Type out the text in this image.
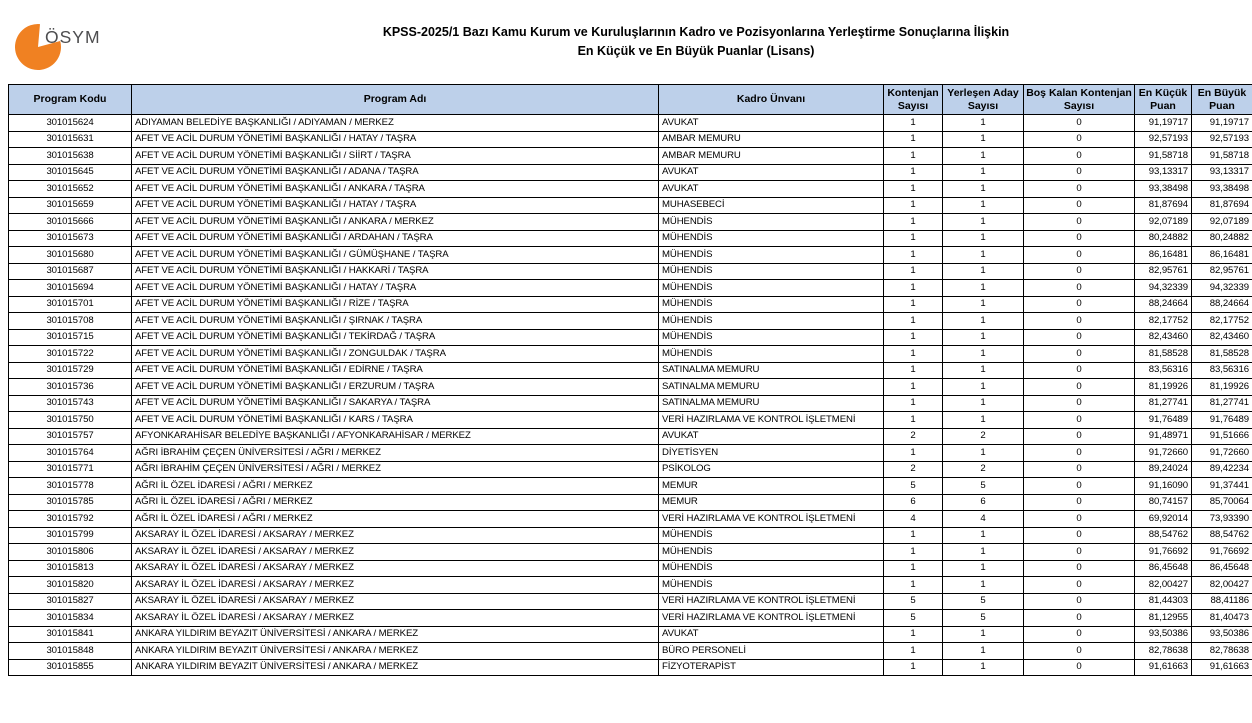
ÖSYM	KPSS-2025/1 Bazı Kamu Kurum ve Kuruluşlarının Kadro ve Pozisyonlarına Yerleştirme Sonuçlarına İlişkin
En Küçük ve En Büyük Puanlar (Lisans)
Program Kodu	Program Adı	Kadro Ünvanı	Kontenjan Sayısı	Yerleşen Aday Sayısı	Boş Kalan Kontenjan Sayısı	En Küçük Puan	En Büyük Puan
301015624	ADIYAMAN BELEDİYE BAŞKANLIĞI / ADIYAMAN / MERKEZ	AVUKAT	1	1	0	91,19717	91,19717
301015631	AFET VE ACİL DURUM YÖNETİMİ BAŞKANLIĞI / HATAY / TAŞRA	AMBAR MEMURU	1	1	0	92,57193	92,57193
301015638	AFET VE ACİL DURUM YÖNETİMİ BAŞKANLIĞI / SİİRT / TAŞRA	AMBAR MEMURU	1	1	0	91,58718	91,58718
301015645	AFET VE ACİL DURUM YÖNETİMİ BAŞKANLIĞI / ADANA / TAŞRA	AVUKAT	1	1	0	93,13317	93,13317
301015652	AFET VE ACİL DURUM YÖNETİMİ BAŞKANLIĞI / ANKARA / TAŞRA	AVUKAT	1	1	0	93,38498	93,38498
301015659	AFET VE ACİL DURUM YÖNETİMİ BAŞKANLIĞI / HATAY / TAŞRA	MUHASEBECİ	1	1	0	81,87694	81,87694
301015666	AFET VE ACİL DURUM YÖNETİMİ BAŞKANLIĞI / ANKARA / MERKEZ	MÜHENDİS	1	1	0	92,07189	92,07189
301015673	AFET VE ACİL DURUM YÖNETİMİ BAŞKANLIĞI / ARDAHAN / TAŞRA	MÜHENDİS	1	1	0	80,24882	80,24882
301015680	AFET VE ACİL DURUM YÖNETİMİ BAŞKANLIĞI / GÜMÜŞHANE / TAŞRA	MÜHENDİS	1	1	0	86,16481	86,16481
301015687	AFET VE ACİL DURUM YÖNETİMİ BAŞKANLIĞI / HAKKARİ / TAŞRA	MÜHENDİS	1	1	0	82,95761	82,95761
301015694	AFET VE ACİL DURUM YÖNETİMİ BAŞKANLIĞI / HATAY / TAŞRA	MÜHENDİS	1	1	0	94,32339	94,32339
301015701	AFET VE ACİL DURUM YÖNETİMİ BAŞKANLIĞI / RİZE / TAŞRA	MÜHENDİS	1	1	0	88,24664	88,24664
301015708	AFET VE ACİL DURUM YÖNETİMİ BAŞKANLIĞI / ŞIRNAK / TAŞRA	MÜHENDİS	1	1	0	82,17752	82,17752
301015715	AFET VE ACİL DURUM YÖNETİMİ BAŞKANLIĞI / TEKİRDAĞ / TAŞRA	MÜHENDİS	1	1	0	82,43460	82,43460
301015722	AFET VE ACİL DURUM YÖNETİMİ BAŞKANLIĞI / ZONGULDAK / TAŞRA	MÜHENDİS	1	1	0	81,58528	81,58528
301015729	AFET VE ACİL DURUM YÖNETİMİ BAŞKANLIĞI / EDİRNE / TAŞRA	SATINALMA MEMURU	1	1	0	83,56316	83,56316
301015736	AFET VE ACİL DURUM YÖNETİMİ BAŞKANLIĞI / ERZURUM / TAŞRA	SATINALMA MEMURU	1	1	0	81,19926	81,19926
301015743	AFET VE ACİL DURUM YÖNETİMİ BAŞKANLIĞI / SAKARYA / TAŞRA	SATINALMA MEMURU	1	1	0	81,27741	81,27741
301015750	AFET VE ACİL DURUM YÖNETİMİ BAŞKANLIĞI / KARS / TAŞRA	VERİ HAZIRLAMA VE KONTROL İŞLETMENİ	1	1	0	91,76489	91,76489
301015757	AFYONKARAHİSAR BELEDİYE BAŞKANLIĞI / AFYONKARAHİSAR / MERKEZ	AVUKAT	2	2	0	91,48971	91,51666
301015764	AĞRI İBRAHİM ÇEÇEN ÜNİVERSİTESİ / AĞRI / MERKEZ	DİYETİSYEN	1	1	0	91,72660	91,72660
301015771	AĞRI İBRAHİM ÇEÇEN ÜNİVERSİTESİ / AĞRI / MERKEZ	PSİKOLOG	2	2	0	89,24024	89,42234
301015778	AĞRI İL ÖZEL İDARESİ / AĞRI / MERKEZ	MEMUR	5	5	0	91,16090	91,37441
301015785	AĞRI İL ÖZEL İDARESİ / AĞRI / MERKEZ	MEMUR	6	6	0	80,74157	85,70064
301015792	AĞRI İL ÖZEL İDARESİ / AĞRI / MERKEZ	VERİ HAZIRLAMA VE KONTROL İŞLETMENİ	4	4	0	69,92014	73,93390
301015799	AKSARAY İL ÖZEL İDARESİ / AKSARAY / MERKEZ	MÜHENDİS	1	1	0	88,54762	88,54762
301015806	AKSARAY İL ÖZEL İDARESİ / AKSARAY / MERKEZ	MÜHENDİS	1	1	0	91,76692	91,76692
301015813	AKSARAY İL ÖZEL İDARESİ / AKSARAY / MERKEZ	MÜHENDİS	1	1	0	86,45648	86,45648
301015820	AKSARAY İL ÖZEL İDARESİ / AKSARAY / MERKEZ	MÜHENDİS	1	1	0	82,00427	82,00427
301015827	AKSARAY İL ÖZEL İDARESİ / AKSARAY / MERKEZ	VERİ HAZIRLAMA VE KONTROL İŞLETMENİ	5	5	0	81,44303	88,41186
301015834	AKSARAY İL ÖZEL İDARESİ / AKSARAY / MERKEZ	VERİ HAZIRLAMA VE KONTROL İŞLETMENİ	5	5	0	81,12955	81,40473
301015841	ANKARA YILDIRIM BEYAZIT ÜNİVERSİTESİ / ANKARA / MERKEZ	AVUKAT	1	1	0	93,50386	93,50386
301015848	ANKARA YILDIRIM BEYAZIT ÜNİVERSİTESİ / ANKARA / MERKEZ	BÜRO PERSONELİ	1	1	0	82,78638	82,78638
301015855	ANKARA YILDIRIM BEYAZIT ÜNİVERSİTESİ / ANKARA / MERKEZ	FİZYOTERAPİST	1	1	0	91,61663	91,61663
